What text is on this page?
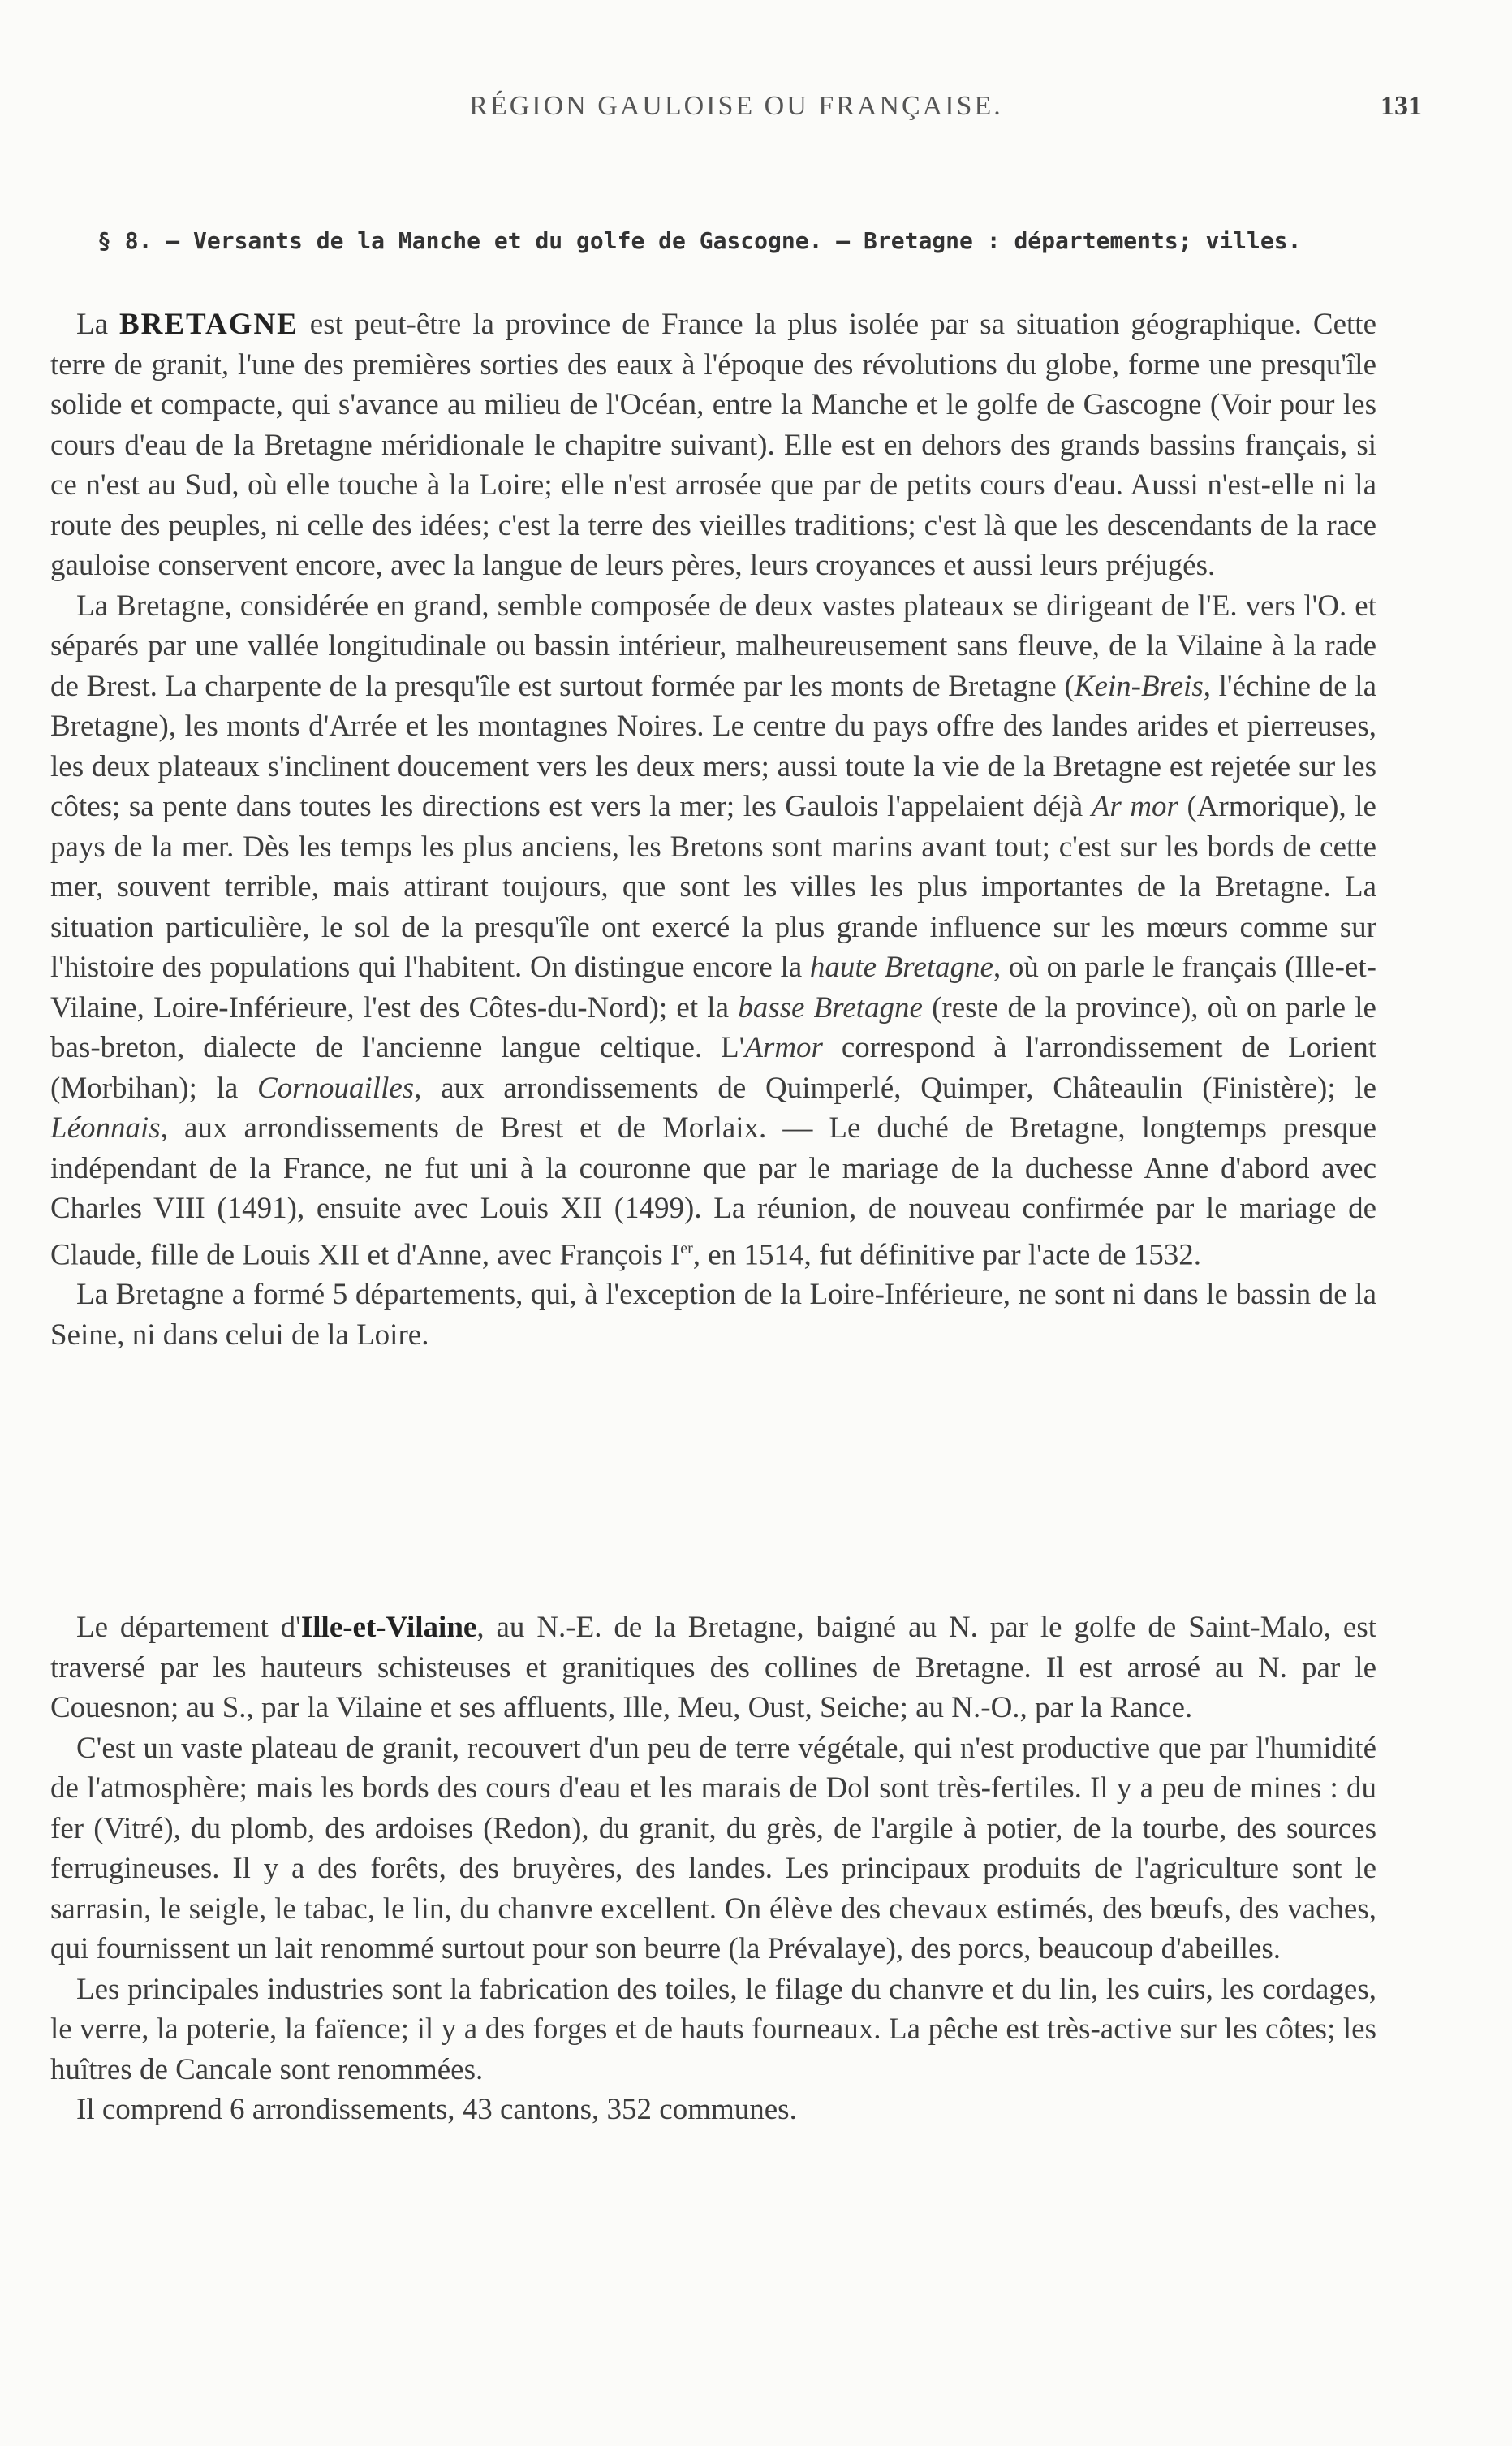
RÉGION GAULOISE OU FRANÇAISE.	131
§ 8. — Versants de la Manche et du golfe de Gascogne. — Bretagne : départements; villes.

La BRETAGNE est peut-être la province de France la plus isolée par sa situation géographique. Cette terre de granit, l'une des premières sorties des eaux à l'époque des révolutions du globe, forme une presqu'île solide et compacte, qui s'avance au milieu de l'Océan, entre la Manche et le golfe de Gascogne (Voir pour les cours d'eau de la Bretagne méridionale le chapitre suivant). Elle est en dehors des grands bassins français, si ce n'est au Sud, où elle touche à la Loire; elle n'est arrosée que par de petits cours d'eau. Aussi n'est-elle ni la route des peuples, ni celle des idées; c'est la terre des vieilles traditions; c'est là que les descendants de la race gauloise conservent encore, avec la langue de leurs pères, leurs croyances et aussi leurs préjugés.

La Bretagne, considérée en grand, semble composée de deux vastes plateaux se dirigeant de l'E. vers l'O. et séparés par une vallée longitudinale ou bassin intérieur, malheureusement sans fleuve, de la Vilaine à la rade de Brest. La charpente de la presqu'île est surtout formée par les monts de Bretagne (Kein-Breis, l'échine de la Bretagne), les monts d'Arrée et les montagnes Noires. Le centre du pays offre des landes arides et pierreuses, les deux plateaux s'inclinent doucement vers les deux mers; aussi toute la vie de la Bretagne est rejetée sur les côtes; sa pente dans toutes les directions est vers la mer; les Gaulois l'appelaient déjà Ar mor (Armorique), le pays de la mer. Dès les temps les plus anciens, les Bretons sont marins avant tout; c'est sur les bords de cette mer, souvent terrible, mais attirant toujours, que sont les villes les plus importantes de la Bretagne. La situation particulière, le sol de la presqu'île ont exercé la plus grande influence sur les mœurs comme sur l'histoire des populations qui l'habitent. On distingue encore la haute Bretagne, où on parle le français (Ille-et-Vilaine, Loire-Inférieure, l'est des Côtes-du-Nord); et la basse Bretagne (reste de la province), où on parle le bas-breton, dialecte de l'ancienne langue celtique. L'Armor correspond à l'arrondissement de Lorient (Morbihan); la Cornouailles, aux arrondissements de Quimperlé, Quimper, Châteaulin (Finistère); le Léonnais, aux arrondissements de Brest et de Morlaix. — Le duché de Bretagne, longtemps presque indépendant de la France, ne fut uni à la couronne que par le mariage de la duchesse Anne d'abord avec Charles VIII (1491), ensuite avec Louis XII (1499). La réunion, de nouveau confirmée par le mariage de Claude, fille de Louis XII et d'Anne, avec François Ier, en 1514, fut définitive par l'acte de 1532.

La Bretagne a formé 5 départements, qui, à l'exception de la Loire-Inférieure, ne sont ni dans le bassin de la Seine, ni dans celui de la Loire.

Le département d'Ille-et-Vilaine, au N.-E. de la Bretagne, baigné au N. par le golfe de Saint-Malo, est traversé par les hauteurs schisteuses et granitiques des collines de Bretagne. Il est arrosé au N. par le Couesnon; au S., par la Vilaine et ses affluents, Ille, Meu, Oust, Seiche; au N.-O., par la Rance.

C'est un vaste plateau de granit, recouvert d'un peu de terre végétale, qui n'est productive que par l'humidité de l'atmosphère; mais les bords des cours d'eau et les marais de Dol sont très-fertiles. Il y a peu de mines : du fer (Vitré), du plomb, des ardoises (Redon), du granit, du grès, de l'argile à potier, de la tourbe, des sources ferrugineuses. Il y a des forêts, des bruyères, des landes. Les principaux produits de l'agriculture sont le sarrasin, le seigle, le tabac, le lin, du chanvre excellent. On élève des chevaux estimés, des bœufs, des vaches, qui fournissent un lait renommé surtout pour son beurre (la Prévalaye), des porcs, beaucoup d'abeilles.

Les principales industries sont la fabrication des toiles, le filage du chanvre et du lin, les cuirs, les cordages, le verre, la poterie, la faïence; il y a des forges et de hauts fourneaux. La pêche est très-active sur les côtes; les huîtres de Cancale sont renommées.

Il comprend 6 arrondissements, 43 cantons, 352 communes.
